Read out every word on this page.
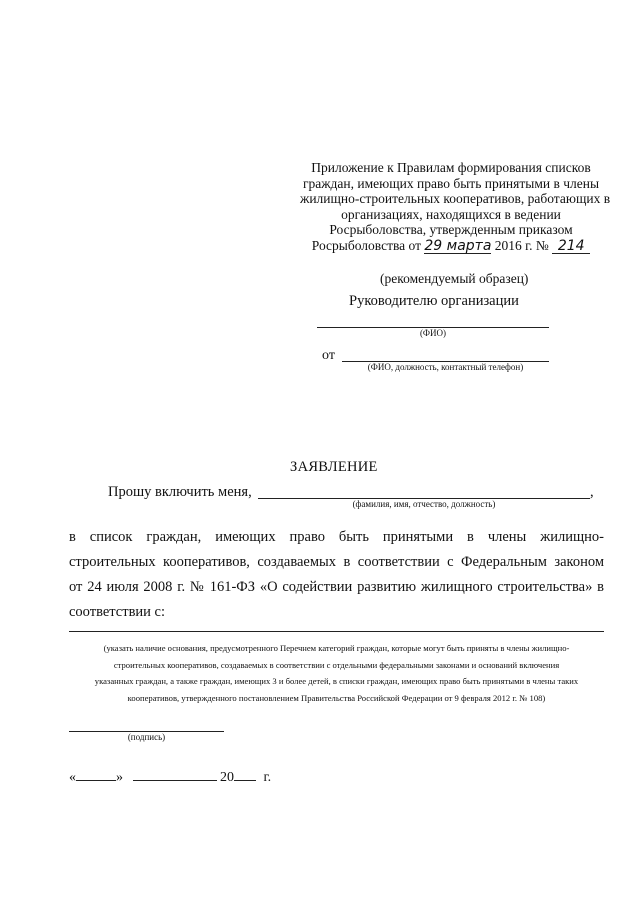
Приложение к Правилам формирования списков
граждан, имеющих право быть принятыми в члены
жилищно-строительных кооперативов, работающих в
организациях, находящихся в ведении
Росрыболовства, утвержденным приказом
Росрыболовства от 29 марта 2016 г. № 214
(рекомендуемый образец)
Руководителю организации
(ФИО)
от
(ФИО, должность, контактный телефон)
ЗАЯВЛЕНИЕ
Прошу включить меня,
(фамилия, имя, отчество, должность)
,
в список граждан, имеющих право быть принятыми в члены жилищно-
строительных кооперативов, создаваемых в соответствии с Федеральным законом
от 24 июля 2008 г. № 161-ФЗ «О содействии развитию жилищного строительства» в
соответствии с:
(указать наличие основания, предусмотренного Перечнем категорий граждан, которые могут быть приняты в члены жилищно-
строительных кооперативов, создаваемых в соответствии с отдельными федеральными законами и оснований включения
указанных граждан, а также граждан, имеющих 3 и более детей, в списки граждан, имеющих право быть принятыми в члены таких
кооперативов, утвержденного постановлением Правительства Российской Федерации от 9 февраля 2012 г. № 108)
(подпись)
«	»	20 г.
